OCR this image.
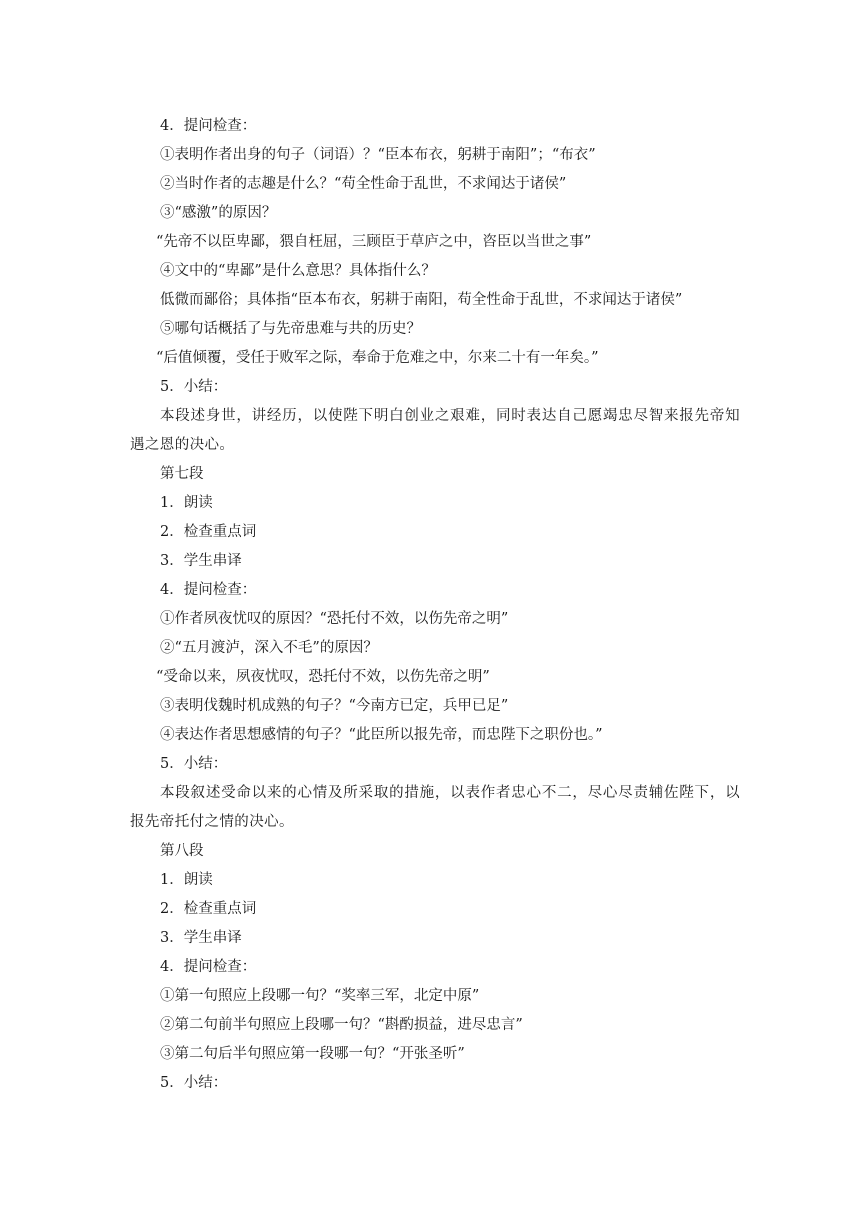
4．提问检查：
①表明作者出身的句子（词语）？“臣本布衣，躬耕于南阳”；“布衣”
②当时作者的志趣是什么？“苟全性命于乱世，不求闻达于诸侯”
③“感激”的原因？
“先帝不以臣卑鄙，猥自枉屈，三顾臣于草庐之中，咨臣以当世之事”
④文中的“卑鄙”是什么意思？具体指什么？
低微而鄙俗；具体指“臣本布衣，躬耕于南阳，苟全性命于乱世，不求闻达于诸侯”
⑤哪句话概括了与先帝患难与共的历史？
“后值倾覆，受任于败军之际，奉命于危难之中，尔来二十有一年矣。”
5．小结：

本段述身世，讲经历，以使陛下明白创业之艰难，同时表达自己愿竭忠尽智来报先帝知遇之恩的决心。

第七段
1．朗读
2．检查重点词
3．学生串译
4．提问检查：
①作者夙夜忧叹的原因？“恐托付不效，以伤先帝之明”
②“五月渡泸，深入不毛”的原因？
“受命以来，夙夜忧叹，恐托付不效，以伤先帝之明”
③表明伐魏时机成熟的句子？“今南方已定，兵甲已足”
④表达作者思想感情的句子？“此臣所以报先帝，而忠陛下之职份也。”
5．小结：

本段叙述受命以来的心情及所采取的措施，以表作者忠心不二，尽心尽责辅佐陛下，以报先帝托付之情的决心。

第八段
1．朗读
2．检查重点词
3．学生串译
4．提问检查：
①第一句照应上段哪一句？“奖率三军，北定中原”
②第二句前半句照应上段哪一句？“斟酌损益，进尽忠言”
③第二句后半句照应第一段哪一句？“开张圣听”
5．小结：
